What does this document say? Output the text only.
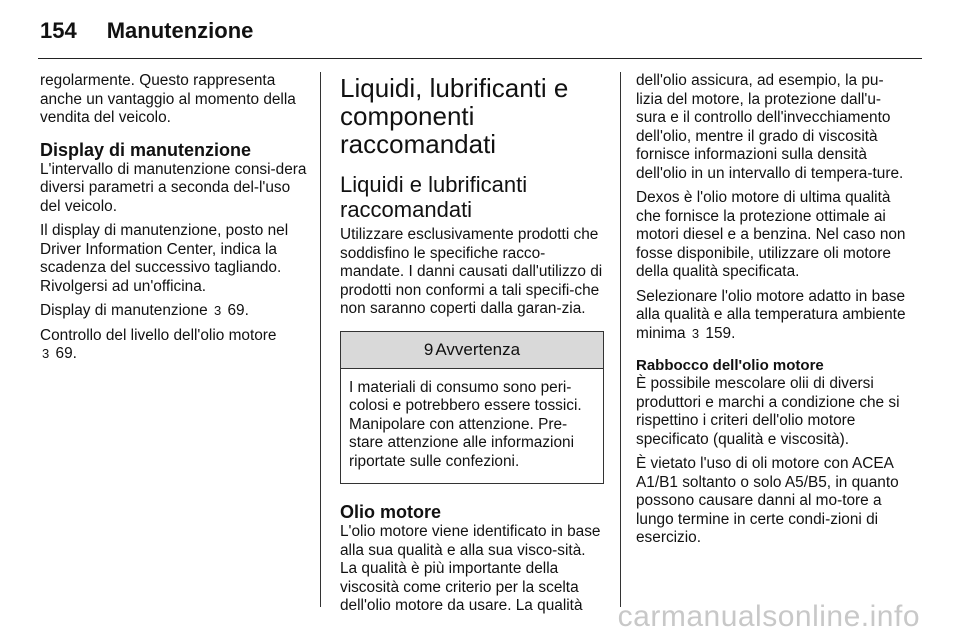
154 Manutenzione

regolarmente. Questo rappresenta anche un vantaggio al momento della vendita del veicolo.

Display di manutenzione

L'intervallo di manutenzione consi-dera diversi parametri a seconda del-l'uso del veicolo.

Il display di manutenzione, posto nel Driver Information Center, indica la scadenza del successivo tagliando. Rivolgersi ad un'officina.

Display di manutenzione 3 69.

Controllo del livello dell'olio motore
3 69.

Liquidi, lubrificanti e componenti raccomandati
Liquidi e lubrificanti raccomandati

Utilizzare esclusivamente prodotti che soddisfino le specifiche racco-mandate. I danni causati dall'utilizzo di prodotti non conformi a tali specifi-che non saranno coperti dalla garan-zia.

9 Avvertenza

I materiali di consumo sono peri-colosi e potrebbero essere tossici. Manipolare con attenzione. Pre-stare attenzione alle informazioni riportate sulle confezioni.

Olio motore

L'olio motore viene identificato in base alla sua qualità e alla sua visco-sità. La qualità è più importante della viscosità come criterio per la scelta dell'olio motore da usare. La qualità

dell'olio assicura, ad esempio, la pu-lizia del motore, la protezione dall'u-sura e il controllo dell'invecchiamento dell'olio, mentre il grado di viscosità fornisce informazioni sulla densità dell'olio in un intervallo di tempera-ture.

Dexos è l'olio motore di ultima qualità che fornisce la protezione ottimale ai motori diesel e a benzina. Nel caso non fosse disponibile, utilizzare oli motore della qualità specificata.

Selezionare l'olio motore adatto in base alla qualità e alla temperatura ambiente minima 3 159.

Rabbocco dell'olio motore

È possibile mescolare olii di diversi produttori e marchi a condizione che si rispettino i criteri dell'olio motore specificato (qualità e viscosità).

È vietato l'uso di oli motore con ACEA A1/B1 soltanto o solo A5/B5, in quanto possono causare danni al mo-tore a lungo termine in certe condi-zioni di esercizio.

carmanualsonline.info
